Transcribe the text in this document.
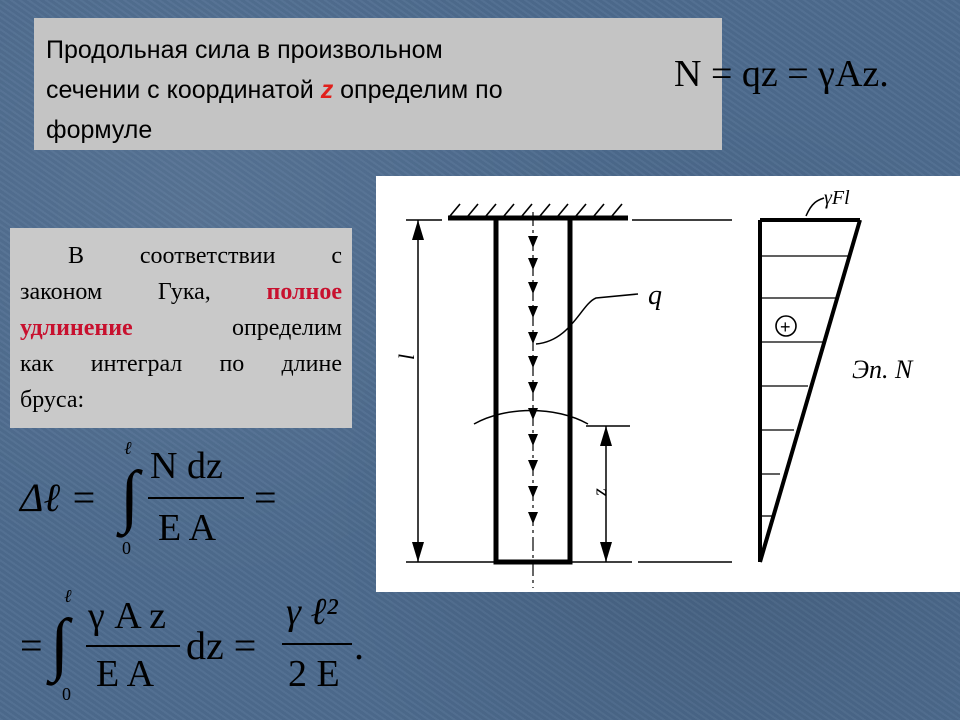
Продольная сила в произвольном
сечении с координатой z определим по
формуле
N = qz = γAz.
В соответствии с
законом Гука, полное
удлинение	определим
как интеграл по длине
бруса:
q
l
z
γFl
+
Эп. N
Δℓ = ∫
ℓ
0
N dz
E A
=
= ∫
ℓ
0
γ A z
E A
dz =
γ ℓ²
2 E
.
